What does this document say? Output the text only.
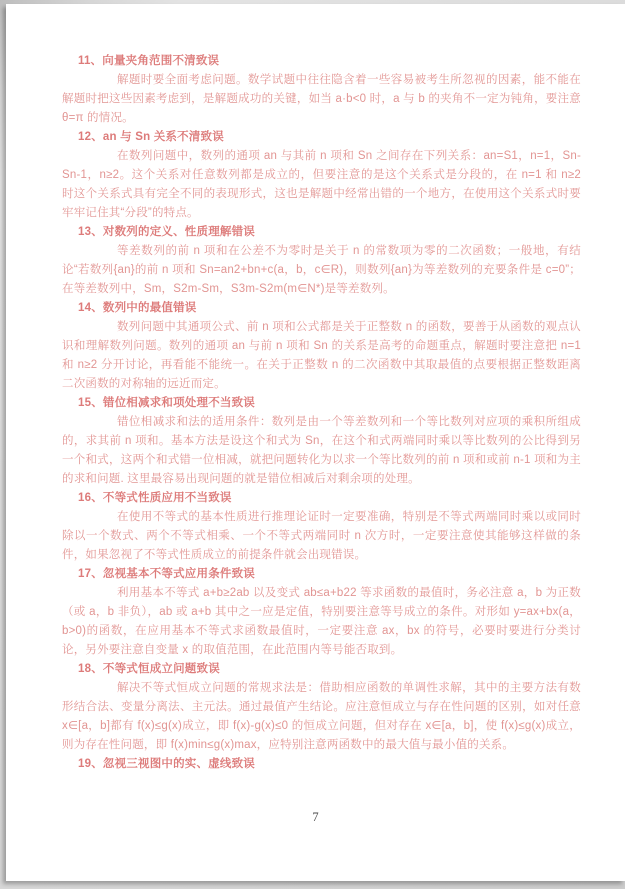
11、向量夹角范围不清致误

解题时要全面考虑问题。数学试题中往往隐含着一些容易被考生所忽视的因素，能不能在解题时把这些因素考虑到，是解题成功的关键，如当 a·b<0 时，a 与 b 的夹角不一定为钝角，要注意 θ=π 的情况。

12、an 与 Sn 关系不清致误

在数列问题中，数列的通项 an 与其前 n 项和 Sn 之间存在下列关系：an=S1，n=1，Sn-Sn-1，n≥2。这个关系对任意数列都是成立的，但要注意的是这个关系式是分段的，在 n=1 和 n≥2 时这个关系式具有完全不同的表现形式，这也是解题中经常出错的一个地方，在使用这个关系式时要牢牢记住其“分段”的特点。

13、对数列的定义、性质理解错误

等差数列的前 n 项和在公差不为零时是关于 n 的常数项为零的二次函数；一般地，有结论“若数列{an}的前 n 项和 Sn=an2+bn+c(a，b，c∈R)，则数列{an}为等差数列的充要条件是 c=0”；在等差数列中，Sm，S2m-Sm，S3m-S2m(m∈N*)是等差数列。

14、数列中的最值错误

数列问题中其通项公式、前 n 项和公式都是关于正整数 n 的函数，要善于从函数的观点认识和理解数列问题。数列的通项 an 与前 n 项和 Sn 的关系是高考的命题重点，解题时要注意把 n=1 和 n≥2 分开讨论，再看能不能统一。在关于正整数 n 的二次函数中其取最值的点要根据正整数距离二次函数的对称轴的远近而定。

15、错位相减求和项处理不当致误

错位相减求和法的适用条件：数列是由一个等差数列和一个等比数列对应项的乘积所组成的，求其前 n 项和。基本方法是设这个和式为 Sn，在这个和式两端同时乘以等比数列的公比得到另一个和式，这两个和式错一位相减，就把问题转化为以求一个等比数列的前 n 项和或前 n-1 项和为主的求和问题. 这里最容易出现问题的就是错位相减后对剩余项的处理。

16、不等式性质应用不当致误

在使用不等式的基本性质进行推理论证时一定要准确，特别是不等式两端同时乘以或同时除以一个数式、两个不等式相乘、一个不等式两端同时 n 次方时，一定要注意使其能够这样做的条件，如果忽视了不等式性质成立的前提条件就会出现错误。

17、忽视基本不等式应用条件致误

利用基本不等式 a+b≥2ab 以及变式 ab≤a+b22 等求函数的最值时，务必注意 a，b 为正数（或 a，b 非负），ab 或 a+b 其中之一应是定值，特别要注意等号成立的条件。对形如 y=ax+bx(a，b>0)的函数，在应用基本不等式求函数最值时，一定要注意 ax，bx 的符号，必要时要进行分类讨论，另外要注意自变量 x 的取值范围，在此范围内等号能否取到。

18、不等式恒成立问题致误

解决不等式恒成立问题的常规求法是：借助相应函数的单调性求解，其中的主要方法有数形结合法、变量分离法、主元法。通过最值产生结论。应注意恒成立与存在性问题的区别，如对任意 x∈[a，b]都有 f(x)≤g(x)成立，即 f(x)-g(x)≤0 的恒成立问题，但对存在 x∈[a，b]，使 f(x)≤g(x)成立，则为存在性问题，即 f(x)min≤g(x)max，应特别注意两函数中的最大值与最小值的关系。

19、忽视三视图中的实、虚线致误
7
